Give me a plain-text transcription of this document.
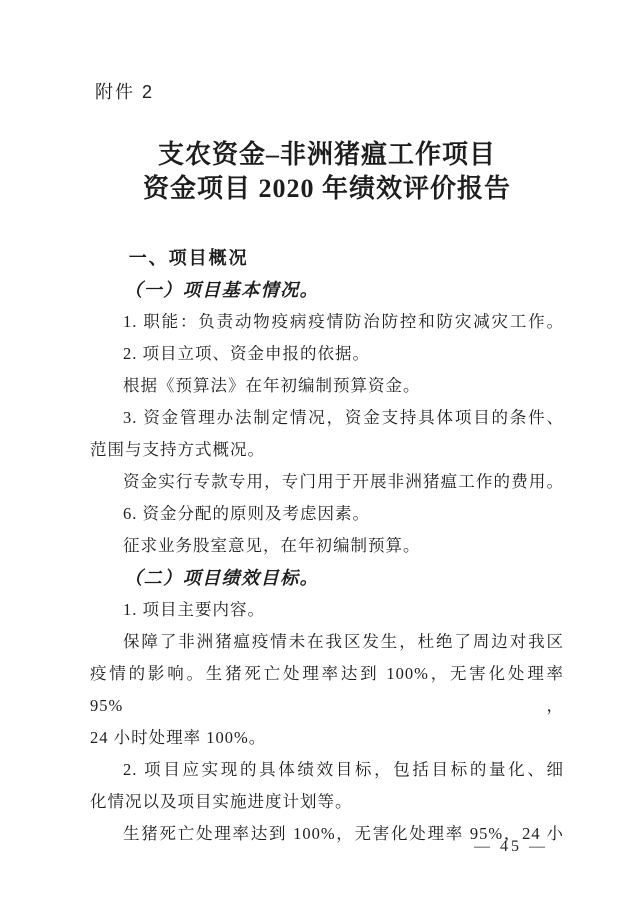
附件 2
支农资金–非洲猪瘟工作项目
资金项目 2020 年绩效评价报告
一、项目概况
（一）项目基本情况。
1. 职能：负责动物疫病疫情防治防控和防灾减灾工作。
2. 项目立项、资金申报的依据。
根据《预算法》在年初编制预算资金。
3. 资金管理办法制定情况，资金支持具体项目的条件、
范围与支持方式概况。
资金实行专款专用，专门用于开展非洲猪瘟工作的费用。
6. 资金分配的原则及考虑因素。
征求业务股室意见，在年初编制预算。
（二）项目绩效目标。
1. 项目主要内容。
保障了非洲猪瘟疫情未在我区发生，杜绝了周边对我区
疫情的影响。生猪死亡处理率达到 100%，无害化处理率 95%，
24 小时处理率 100%。
2. 项目应实现的具体绩效目标，包括目标的量化、细
化情况以及项目实施进度计划等。
生猪死亡处理率达到 100%，无害化处理率 95%，24 小
— 45 —
